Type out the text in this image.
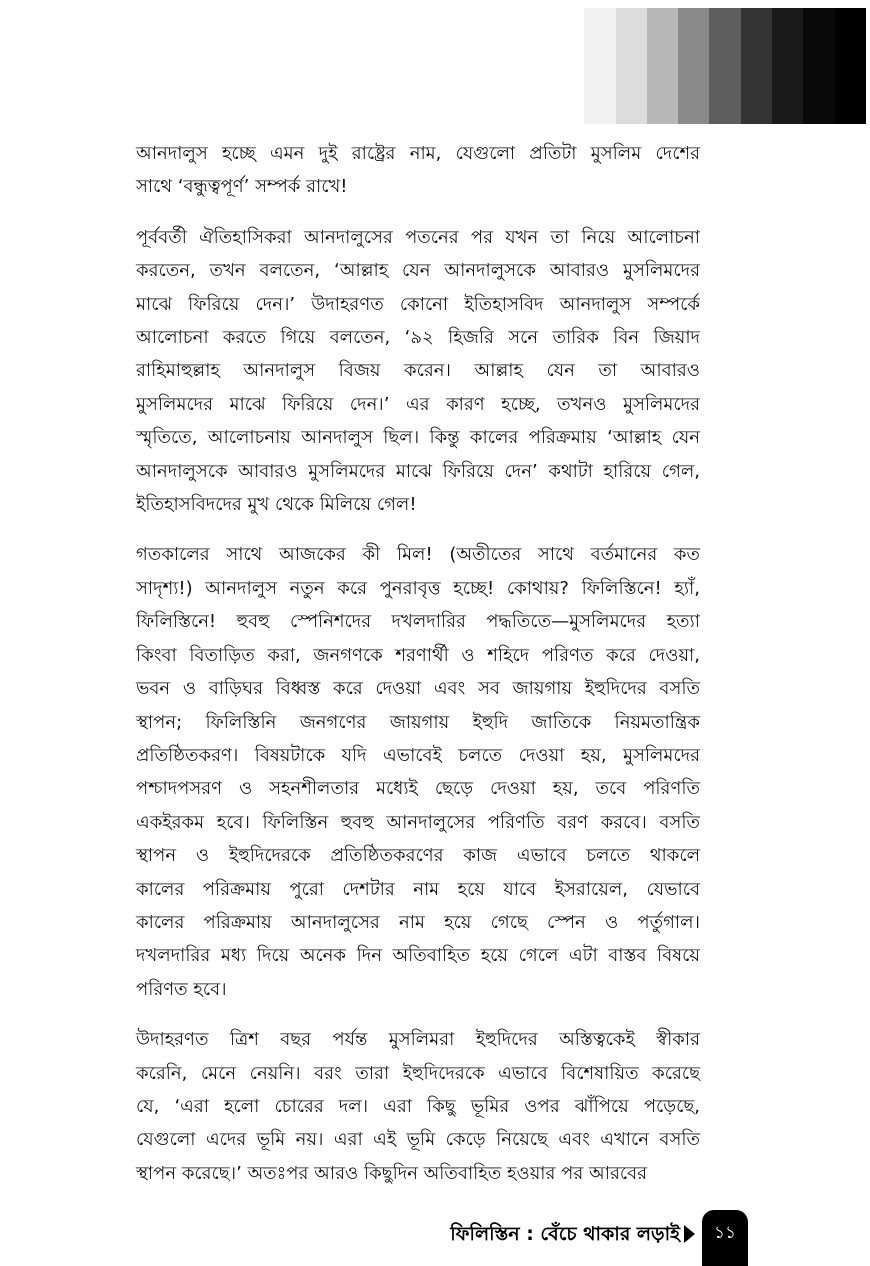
আনদালুস হচ্ছে এমন দুই রাষ্ট্রের নাম, যেগুলো প্রতিটা মুসলিম দেশের
সাথে ‘বন্ধুত্বপূর্ণ’ সম্পর্ক রাখে!

পূর্ববর্তী ঐতিহাসিকরা আনদালুসের পতনের পর যখন তা নিয়ে আলোচনা
করতেন, তখন বলতেন, ‘আল্লাহ যেন আনদালুসকে আবারও মুসলিমদের
মাঝে ফিরিয়ে দেন।’ উদাহরণত কোনো ইতিহাসবিদ আনদালুস সম্পর্কে
আলোচনা করতে গিয়ে বলতেন, ‘৯২ হিজরি সনে তারিক বিন জিয়াদ
রাহিমাহুল্লাহ আনদালুস বিজয় করেন। আল্লাহ যেন তা আবারও
মুসলিমদের মাঝে ফিরিয়ে দেন।’ এর কারণ হচ্ছে, তখনও মুসলিমদের
স্মৃতিতে, আলোচনায় আনদালুস ছিল। কিন্তু কালের পরিক্রমায় ‘আল্লাহ যেন
আনদালুসকে আবারও মুসলিমদের মাঝে ফিরিয়ে দেন’ কথাটা হারিয়ে গেল,
ইতিহাসবিদদের মুখ থেকে মিলিয়ে গেল!

গতকালের সাথে আজকের কী মিল! (অতীতের সাথে বর্তমানের কত
সাদৃশ্য!) আনদালুস নতুন করে পুনরাবৃত্ত হচ্ছে! কোথায়? ফিলিস্তিনে! হ্যাঁ,
ফিলিস্তিনে! হুবহু স্পেনিশদের দখলদারির পদ্ধতিতে—মুসলিমদের হত্যা
কিংবা বিতাড়িত করা, জনগণকে শরণার্থী ও শহিদে পরিণত করে দেওয়া,
ভবন ও বাড়িঘর বিধ্বস্ত করে দেওয়া এবং সব জায়গায় ইহুদিদের বসতি
স্থাপন; ফিলিস্তিনি জনগণের জায়গায় ইহুদি জাতিকে নিয়মতান্ত্রিক
প্রতিষ্ঠিতকরণ। বিষয়টাকে যদি এভাবেই চলতে দেওয়া হয়, মুসলিমদের
পশ্চাদপসরণ ও সহনশীলতার মধ্যেই ছেড়ে দেওয়া হয়, তবে পরিণতি
একইরকম হবে। ফিলিস্তিন হুবহু আনদালুসের পরিণতি বরণ করবে। বসতি
স্থাপন ও ইহুদিদেরকে প্রতিষ্ঠিতকরণের কাজ এভাবে চলতে থাকলে
কালের পরিক্রমায় পুরো দেশটার নাম হয়ে যাবে ইসরায়েল, যেভাবে
কালের পরিক্রমায় আনদালুসের নাম হয়ে গেছে স্পেন ও পর্তুগাল।
দখলদারির মধ্য দিয়ে অনেক দিন অতিবাহিত হয়ে গেলে এটা বাস্তব বিষয়ে
পরিণত হবে।

উদাহরণত ত্রিশ বছর পর্যন্ত মুসলিমরা ইহুদিদের অস্তিত্বকেই স্বীকার
করেনি, মেনে নেয়নি। বরং তারা ইহুদিদেরকে এভাবে বিশেষায়িত করেছে
যে, ‘এরা হলো চোরের দল। এরা কিছু ভূমির ওপর ঝাঁপিয়ে পড়েছে,
যেগুলো এদের ভূমি নয়। এরা এই ভূমি কেড়ে নিয়েছে এবং এখানে বসতি
স্থাপন করেছে।’ অতঃপর আরও কিছুদিন অতিবাহিত হওয়ার পর আরবের

ফিলিস্তিন : বেঁচে থাকার লড়াই	১১
